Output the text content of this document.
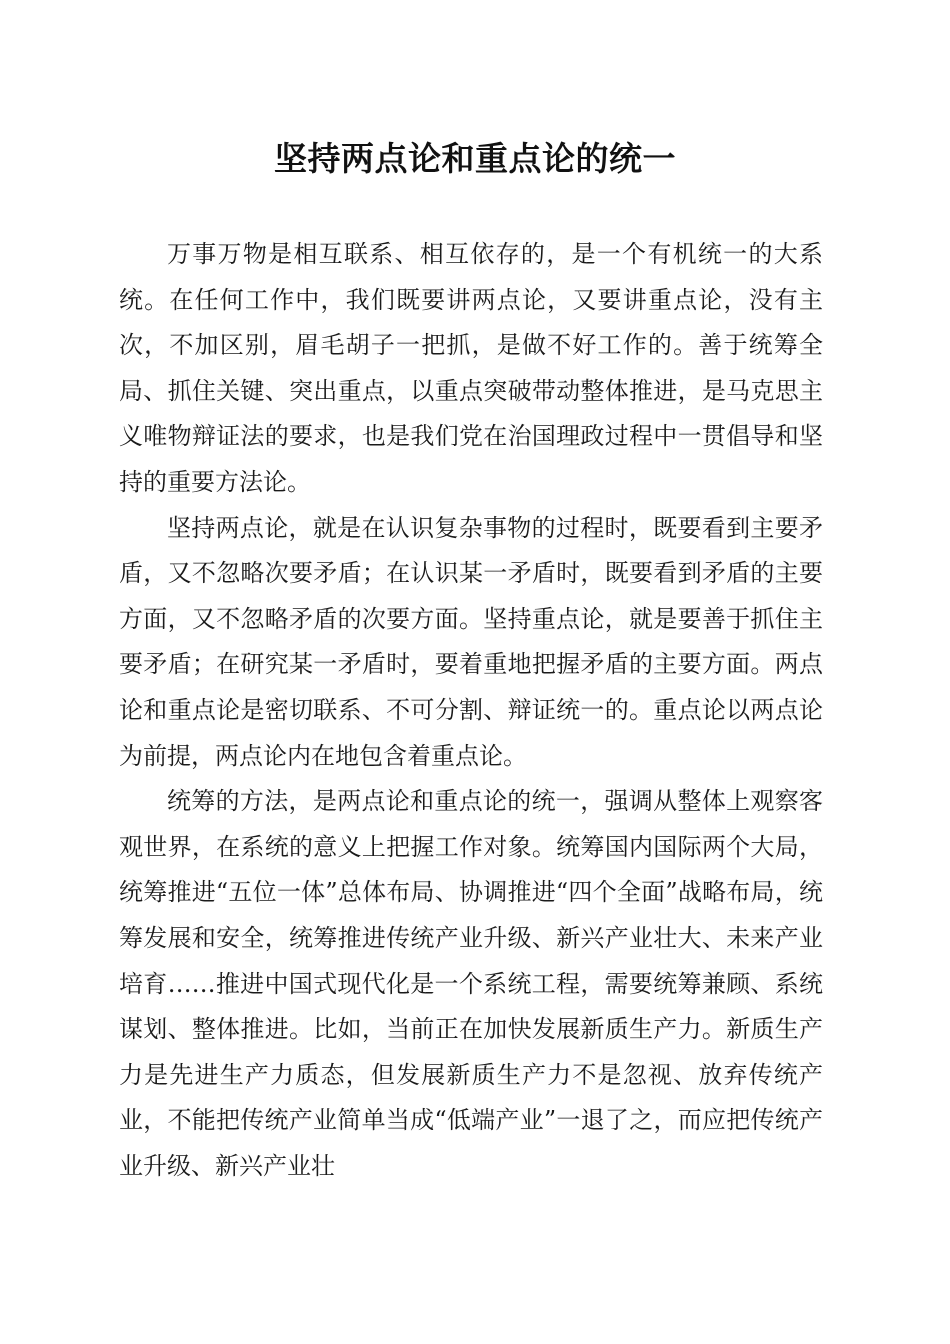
坚持两点论和重点论的统一

万事万物是相互联系、相互依存的，是一个有机统一的大系统。在任何工作中，我们既要讲两点论，又要讲重点论，没有主次，不加区别，眉毛胡子一把抓，是做不好工作的。善于统筹全局、抓住关键、突出重点，以重点突破带动整体推进，是马克思主义唯物辩证法的要求，也是我们党在治国理政过程中一贯倡导和坚持的重要方法论。

坚持两点论，就是在认识复杂事物的过程时，既要看到主要矛盾，又不忽略次要矛盾；在认识某一矛盾时，既要看到矛盾的主要方面，又不忽略矛盾的次要方面。坚持重点论，就是要善于抓住主要矛盾；在研究某一矛盾时，要着重地把握矛盾的主要方面。两点论和重点论是密切联系、不可分割、辩证统一的。重点论以两点论为前提，两点论内在地包含着重点论。

统筹的方法，是两点论和重点论的统一，强调从整体上观察客观世界，在系统的意义上把握工作对象。统筹国内国际两个大局，统筹推进“五位一体”总体布局、协调推进“四个全面”战略布局，统筹发展和安全，统筹推进传统产业升级、新兴产业壮大、未来产业培育……推进中国式现代化是一个系统工程，需要统筹兼顾、系统谋划、整体推进。比如，当前正在加快发展新质生产力。新质生产力是先进生产力质态，但发展新质生产力不是忽视、放弃传统产业，不能把传统产业简单当成“低端产业”一退了之，而应把传统产业升级、新兴产业壮
